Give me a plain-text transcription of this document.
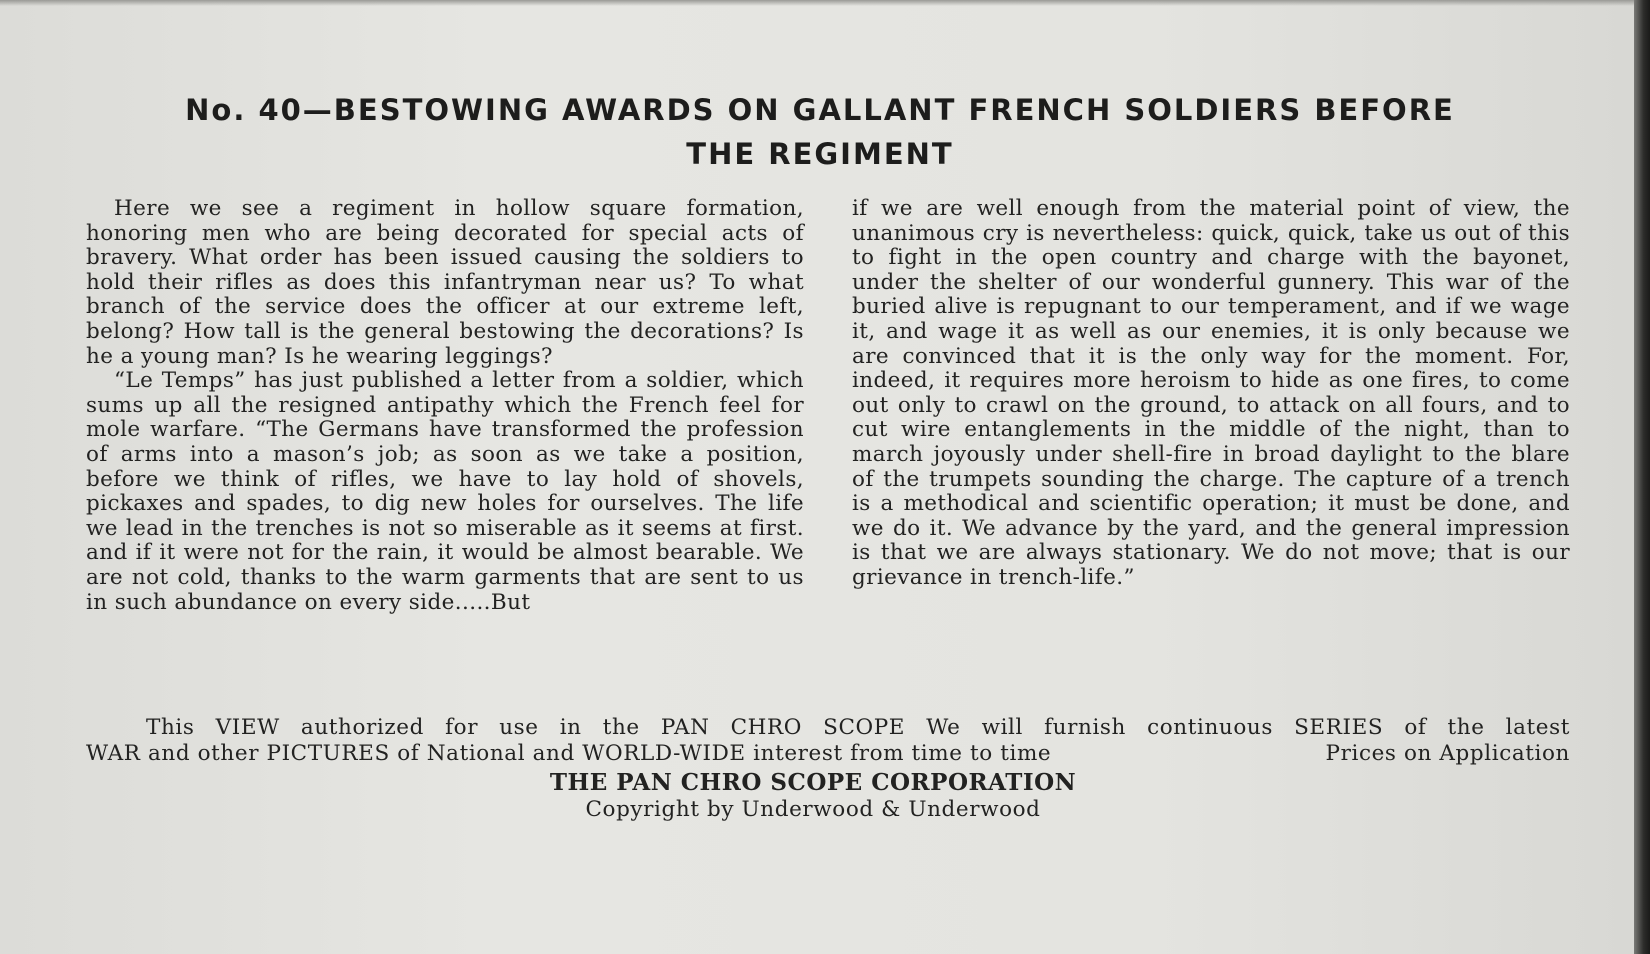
No. 40—BESTOWING AWARDS ON GALLANT FRENCH SOLDIERS BEFORE
THE REGIMENT

Here we see a regiment in hollow square formation, honoring men who are being decorated for special acts of bravery. What order has been issued causing the soldiers to hold their rifles as does this infantryman near us? To what branch of the service does the officer at our extreme left, belong? How tall is the general bestowing the decorations? Is he a young man? Is he wearing leggings?

“Le Temps” has just published a letter from a soldier, which sums up all the resigned antipathy which the French feel for mole warfare. “The Germans have transformed the profession of arms into a mason’s job; as soon as we take a position, before we think of rifles, we have to lay hold of shovels, pickaxes and spades, to dig new holes for ourselves. The life we lead in the trenches is not so miserable as it seems at first. and if it were not for the rain, it would be almost bearable. We are not cold, thanks to the warm garments that are sent to us in such abundance on every side.....But

if we are well enough from the material point of view, the unanimous cry is nevertheless: quick, quick, take us out of this to fight in the open country and charge with the bayonet, under the shelter of our wonderful gunnery. This war of the buried alive is repugnant to our temperament, and if we wage it, and wage it as well as our enemies, it is only because we are convinced that it is the only way for the moment. For, indeed, it requires more heroism to hide as one fires, to come out only to crawl on the ground, to attack on all fours, and to cut wire entanglements in the middle of the night, than to march joyously under shell-fire in broad daylight to the blare of the trumpets sounding the charge. The capture of a trench is a methodical and scientific operation; it must be done, and we do it. We advance by the yard, and the general impression is that we are always stationary. We do not move; that is our grievance in trench-life.”

This VIEW authorized for use in the PAN CHRO SCOPE We will furnish continuous SERIES of the latest
WAR and other PICTURES of National and WORLD-WIDE interest from time to time	Prices on Application
THE PAN CHRO SCOPE CORPORATION
Copyright by Underwood & Underwood
